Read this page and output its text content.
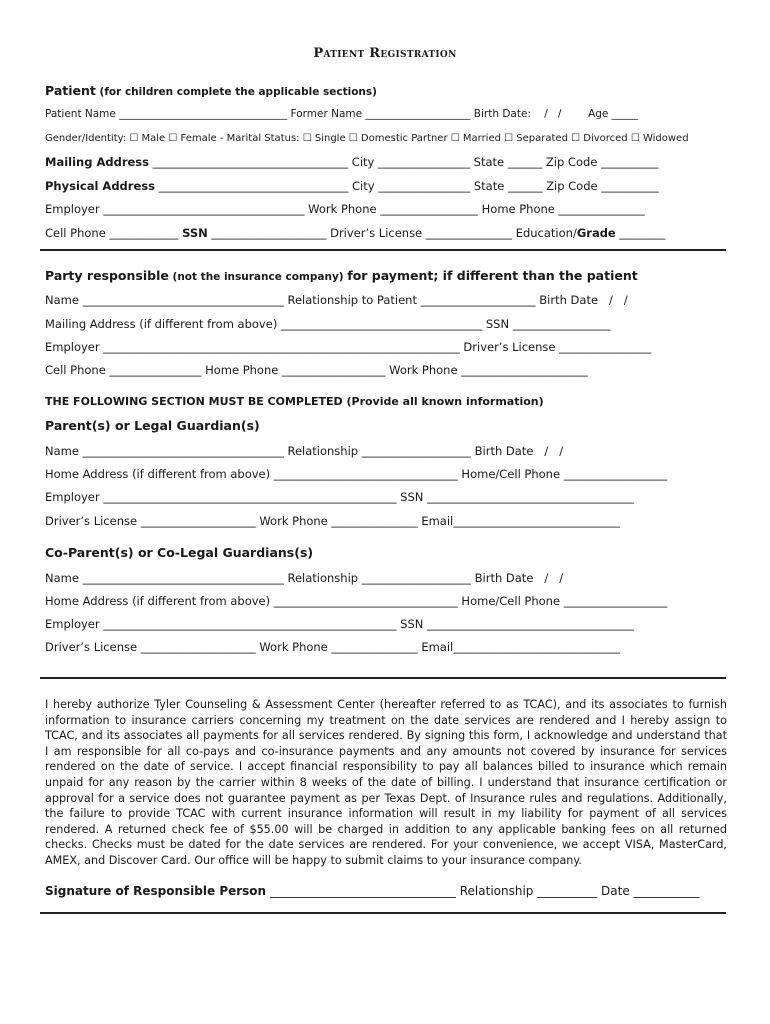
Patient Registration
Patient (for children complete the applicable sections)
Patient Name ________________________________ Former Name ____________________ Birth Date:    /   /        Age _____
Gender/Identity: ☐ Male ☐ Female - Marital Status: ☐ Single ☐ Domestic Partner ☐ Married ☐ Separated ☐ Divorced ☐ Widowed
Mailing Address __________________________________ City ________________ State ______ Zip Code __________
Physical Address _________________________________ City ________________ State ______ Zip Code __________
Employer ___________________________________ Work Phone _________________ Home Phone _______________
Cell Phone ____________ SSN ____________________ Driver’s License _______________ Education/Grade ________
Party responsible (not the insurance company) for payment; if different than the patient
Name ___________________________________ Relationship to Patient ____________________ Birth Date   /   /
Mailing Address (if different from above) ___________________________________ SSN _________________
Employer ______________________________________________________________ Driver’s License ________________
Cell Phone ________________ Home Phone __________________ Work Phone ______________________
THE FOLLOWING SECTION MUST BE COMPLETED (Provide all known information)
Parent(s) or Legal Guardian(s)
Name ___________________________________ Relationship ___________________ Birth Date   /   /
Home Address (if different from above) ________________________________ Home/Cell Phone __________________
Employer ___________________________________________________ SSN ____________________________________
Driver’s License ____________________ Work Phone _______________ Email_____________________________
Co-Parent(s) or Co-Legal Guardians(s)
Name ___________________________________ Relationship ___________________ Birth Date   /   /
Home Address (if different from above) ________________________________ Home/Cell Phone __________________
Employer ___________________________________________________ SSN ____________________________________
Driver’s License ____________________ Work Phone _______________ Email_____________________________
I hereby authorize Tyler Counseling & Assessment Center (hereafter referred to as TCAC), and its associates to furnish information to insurance carriers concerning my treatment on the date services are rendered and I hereby assign to TCAC, and its associates all payments for all services rendered. By signing this form, I acknowledge and understand that I am responsible for all co-pays and co-insurance payments and any amounts not covered by insurance for services rendered on the date of service. I accept financial responsibility to pay all balances billed to insurance which remain unpaid for any reason by the carrier within 8 weeks of the date of billing. I understand that insurance certification or approval for a service does not guarantee payment as per Texas Dept. of Insurance rules and regulations. Additionally, the failure to provide TCAC with current insurance information will result in my liability for payment of all services rendered. A returned check fee of $55.00 will be charged in addition to any applicable banking fees on all returned checks. Checks must be dated for the date services are rendered. For your convenience, we accept VISA, MasterCard, AMEX, and Discover Card. Our office will be happy to submit claims to your insurance company.
Signature of Responsible Person _______________________________ Relationship __________ Date ___________
